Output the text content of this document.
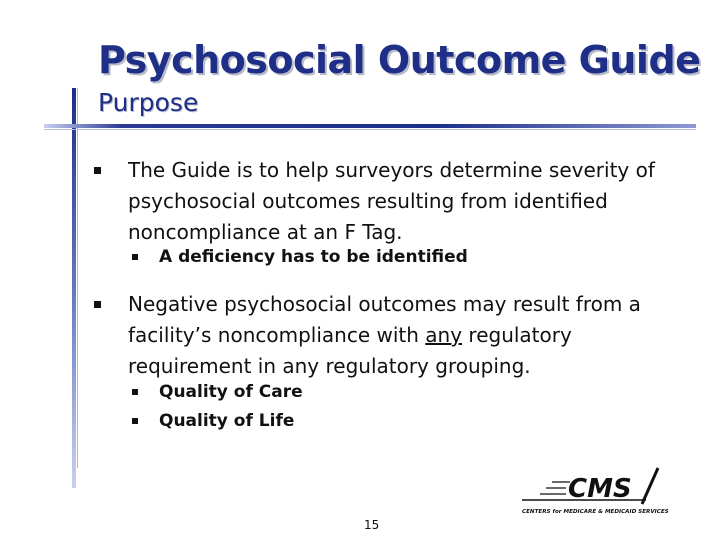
Psychosocial Outcome Guide
Purpose
The Guide is to help surveyors determine severity of psychosocial outcomes resulting from identified noncompliance at an F Tag.
A deficiency has to be identified
Negative psychosocial outcomes may result from a facility’s noncompliance with any regulatory requirement in any regulatory grouping.
Quality of Care
Quality of Life
CMS
CENTERS for MEDICARE & MEDICAID SERVICES
15
